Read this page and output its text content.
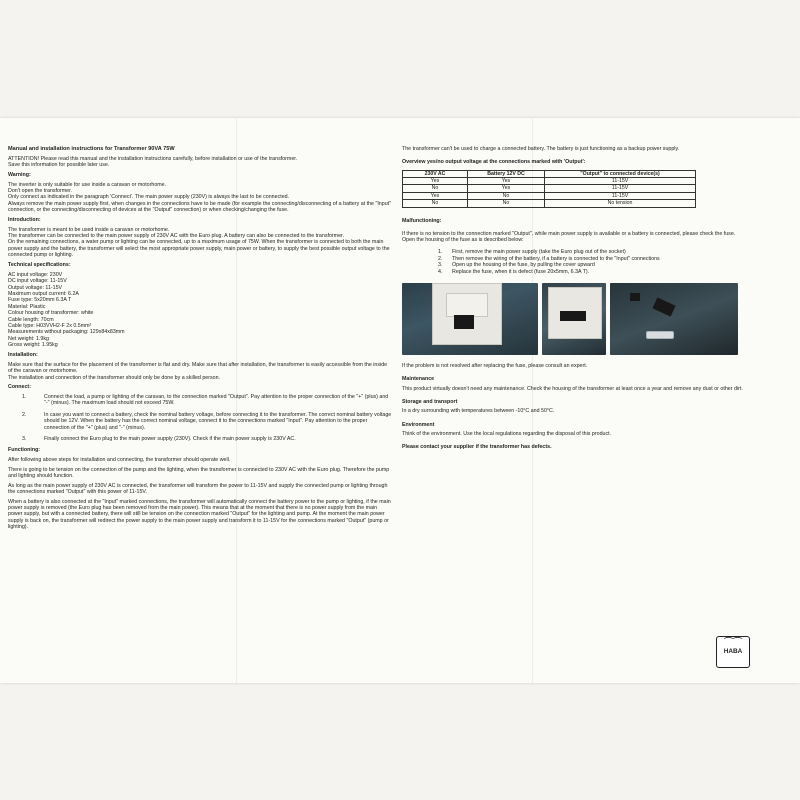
Manual and installation instructions for Transformer 90VA 75W

ATTENTION! Please read this manual and the installation instructions carefully, before installation or use of the transformer.
Save this information for possible later use.

Warning:

The inverter is only suitable for use inside a caravan or motorhome.
Don't open the transformer.
Only connect as indicated in the paragraph 'Connect'. The main power supply (230V) is always the last to be connected.
Always remove the main power supply first, when changes in the connections have to be made (for example the connecting/disconnecting of a battery at the "Input" connection, or the connecting/disconnecting of devices at the "Output" connection) or when checking/changing the fuse.

Introduction:

The transformer is meant to be used inside a caravan or motorhome.
The transformer can be connected to the main power supply of 230V AC with the Euro plug. A battery can also be connected to the transformer.
On the remaining connections, a water pump or lighting can be connected, up to a maximum usage of 75W. When the transformer is connected to both the main power supply and the battery, the transformer will select the most appropriate power supply, main power or battery, to supply the best possible output voltage to the connected pump or lighting.

Technical specifications:

AC input voltage: 230V
DC input voltage: 11-15V
Output voltage: 11-15V
Maximum output current: 6.2A
Fuse type: 5x20mm 6.3A T
Material: Plastic
Colour housing of transformer: white
Cable length: 70cm
Cable type: H03VVH2-F 2x 0.5mm²
Measurements without packaging: 129x84x83mm
Net weight: 1.9kg
Gross weight: 1.95kg

Installation:

Make sure that the surface for the placement of the transformer is flat and dry. Make sure that after installation, the transformer is easily accessible from the inside of the caravan or motorhome.
The installation and connection of the transformer should only be done by a skilled person.

Connect:

1.	Connect the load, a pump or lighting of the caravan, to the connection marked "Output". Pay attention to the proper connection of the "+" (plus) and "-" (minus). The maximum load should not exceed 75W.
2.	In case you want to connect a battery, check the nominal battery voltage, before connecting it to the transformer. The correct nominal battery voltage should be 12V. When the battery has the correct nominal voltage, connect it to the connections marked "Input". Pay attention to the proper connection of the "+" (plus) and "-" (minus).
3.	Finally connect the Euro plug to the main power supply (230V). Check if the main power supply is 230V AC.

Functioning:

After following above steps for installation and connecting, the transformer should operate well.

There is going to be tension on the connection of the pump and the lighting, when the transformer is connected to 230V AC with the Euro plug. Therefore the pump and lighting should function.

As long as the main power supply of 230V AC is connected, the transformer will transform the power to 11-15V and supply the connected pump or lighting through the connections marked "Output" with this power of 11-15V.

When a battery is also connected at the "Input" marked connections, the transformer will automatically connect the battery power to the pump or lighting, if the main power supply is removed (the Euro plug has been removed from the main power). This means that at the moment that there is no power supply from the main power supply, but with a connected battery, there will still be tension on the connection marked "Output" for the lighting and pump. At the moment the main power supply is back on, the transformer will redirect the power supply to the main power supply and transform it to 11-15V for the connections marked "Output" (pump or lighting).

The transformer can't be used to charge a connected battery. The battery is just functioning as a backup power supply.

Overview yes/no output voltage at the connections marked with 'Output':

230V AC	Battery 12V DC	"Output" to connected device(s)
Yes	Yes	11-15V
No	Yes	11-15V
Yes	No	11-15V
No	No	No tension

Malfunctioning:

If there is no tension to the connection marked "Output", while main power supply is available or a battery is connected, please check the fuse.
Open the housing of the fuse as is described below:
1.	First, remove the main power supply (take the Euro plug out of the socket)
2.	Then remove the wiring of the battery, if a battery is connected to the "Input" connections
3.	Open up the housing of the fuse, by pulling the cover upward
4.	Replace the fuse, when it is defect (fuse 20x5mm, 6.3A T).

If the problem is not resolved after replacing the fuse, please consult an expert.

Maintenance

This product virtually doesn't need any maintenance. Check the housing of the transformer at least once a year and remove any dust or other dirt.

Storage and transport

In a dry surrounding with temperatures between -10°C and 50°C.

Environment

Think of the environment. Use the local regulations regarding the disposal of this product.

Please contact your supplier if the transformer has defects.

⌒⌒
HABA
